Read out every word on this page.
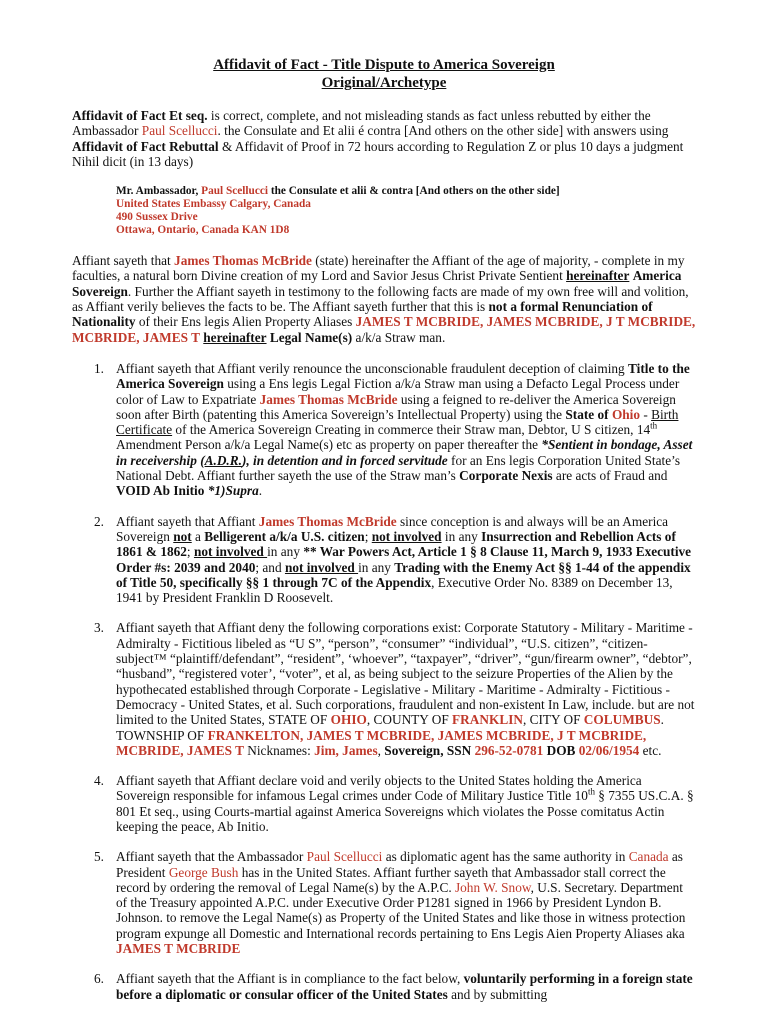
Affidavit of Fact - Title Dispute to America Sovereign
Original/Archetype

Affidavit of Fact Et seq. is correct, complete, and not misleading stands as fact unless rebutted by either the Ambassador Paul Scellucci. the Consulate and Et alii é contra [And others on the other side] with answers using Affidavit of Fact Rebuttal & Affidavit of Proof in 72 hours according to Regulation Z or plus 10 days a judgment Nihil dicit (in 13 days)

Mr. Ambassador, Paul Scellucci the Consulate et alii & contra [And others on the other side]
United States Embassy Calgary, Canada
490 Sussex Drive
Ottawa, Ontario, Canada KAN 1D8

Affiant sayeth that James Thomas McBride (state) hereinafter the Affiant of the age of majority, - complete in my faculties, a natural born Divine creation of my Lord and Savior Jesus Christ Private Sentient hereinafter America Sovereign. Further the Affiant sayeth in testimony to the following facts are made of my own free will and volition, as Affiant verily believes the facts to be. The Affiant sayeth further that this is not a formal Renunciation of Nationality of their Ens legis Alien Property Aliases JAMES T MCBRIDE, JAMES MCBRIDE, J T MCBRIDE, MCBRIDE, JAMES T hereinafter Legal Name(s) a/k/a Straw man.

1. Affiant sayeth that Affiant verily renounce the unconscionable fraudulent deception of claiming Title to the America Sovereign using a Ens legis Legal Fiction a/k/a Straw man using a Defacto Legal Process under color of Law to Expatriate James Thomas McBride using a feigned to re-deliver the America Sovereign soon after Birth (patenting this America Sovereign’s Intellectual Property) using the State of Ohio - Birth Certificate of the America Sovereign Creating in commerce their Straw man, Debtor, U S citizen, 14th Amendment Person a/k/a Legal Name(s) etc as property on paper thereafter the *Sentient in bondage, Asset in receivership (A.D.R.), in detention and in forced servitude for an Ens legis Corporation United State’s National Debt. Affiant further sayeth the use of the Straw man’s Corporate Nexis are acts of Fraud and VOID Ab Initio *1)Supra.
2. Affiant sayeth that Affiant James Thomas McBride since conception is and always will be an America Sovereign not a Belligerent a/k/a U.S. citizen; not involved in any Insurrection and Rebellion Acts of 1861 & 1862; not involved in any ** War Powers Act, Article 1 § 8 Clause 11, March 9, 1933 Executive Order #s: 2039 and 2040; and not involved in any Trading with the Enemy Act §§ 1-44 of the appendix of Title 50, specifically §§ 1 through 7C of the Appendix, Executive Order No. 8389 on December 13, 1941 by President Franklin D Roosevelt.
3. Affiant sayeth that Affiant deny the following corporations exist: Corporate Statutory - Military - Maritime - Admiralty - Fictitious libeled as “U S”, “person”, “consumer” “individual”, “U.S. citizen”, “citizen-subject™ “plaintiff/defendant”, “resident”, ‘whoever”, “taxpayer”, “driver”, “gun/firearm owner”, “debtor”, “husband”, “registered voter’, “voter”, et al, as being subject to the seizure Properties of the Alien by the hypothecated established through Corporate - Legislative - Military - Maritime - Admiralty - Fictitious - Democracy - United States, et al. Such corporations, fraudulent and non-existent In Law, include. but are not limited to the United States, STATE OF OHIO, COUNTY OF FRANKLIN, CITY OF COLUMBUS. TOWNSHIP OF FRANKELTON, JAMES T MCBRIDE, JAMES MCBRIDE, J T MCBRIDE, MCBRIDE, JAMES T Nicknames: Jim, James, Sovereign, SSN 296-52-0781 DOB 02/06/1954 etc.
4. Affiant sayeth that Affiant declare void and verily objects to the United States holding the America Sovereign responsible for infamous Legal crimes under Code of Military Justice Title 10th § 7355 US.C.A. § 801 Et seq., using Courts-martial against America Sovereigns which violates the Posse comitatus Actin keeping the peace, Ab Initio.
5. Affiant sayeth that the Ambassador Paul Scellucci as diplomatic agent has the same authority in Canada as President George Bush has in the United States. Affiant further sayeth that Ambassador stall correct the record by ordering the removal of Legal Name(s) by the A.P.C. John W. Snow, U.S. Secretary. Department of the Treasury appointed A.P.C. under Executive Order P1281 signed in 1966 by President Lyndon B. Johnson. to remove the Legal Name(s) as Property of the United States and like those in witness protection program expunge all Domestic and International records pertaining to Ens Legis Aien Property Aliases aka JAMES T MCBRIDE
6. Affiant sayeth that the Affiant is in compliance to the fact below, voluntarily performing in a foreign state before a diplomatic or consular officer of the United States and by submitting
